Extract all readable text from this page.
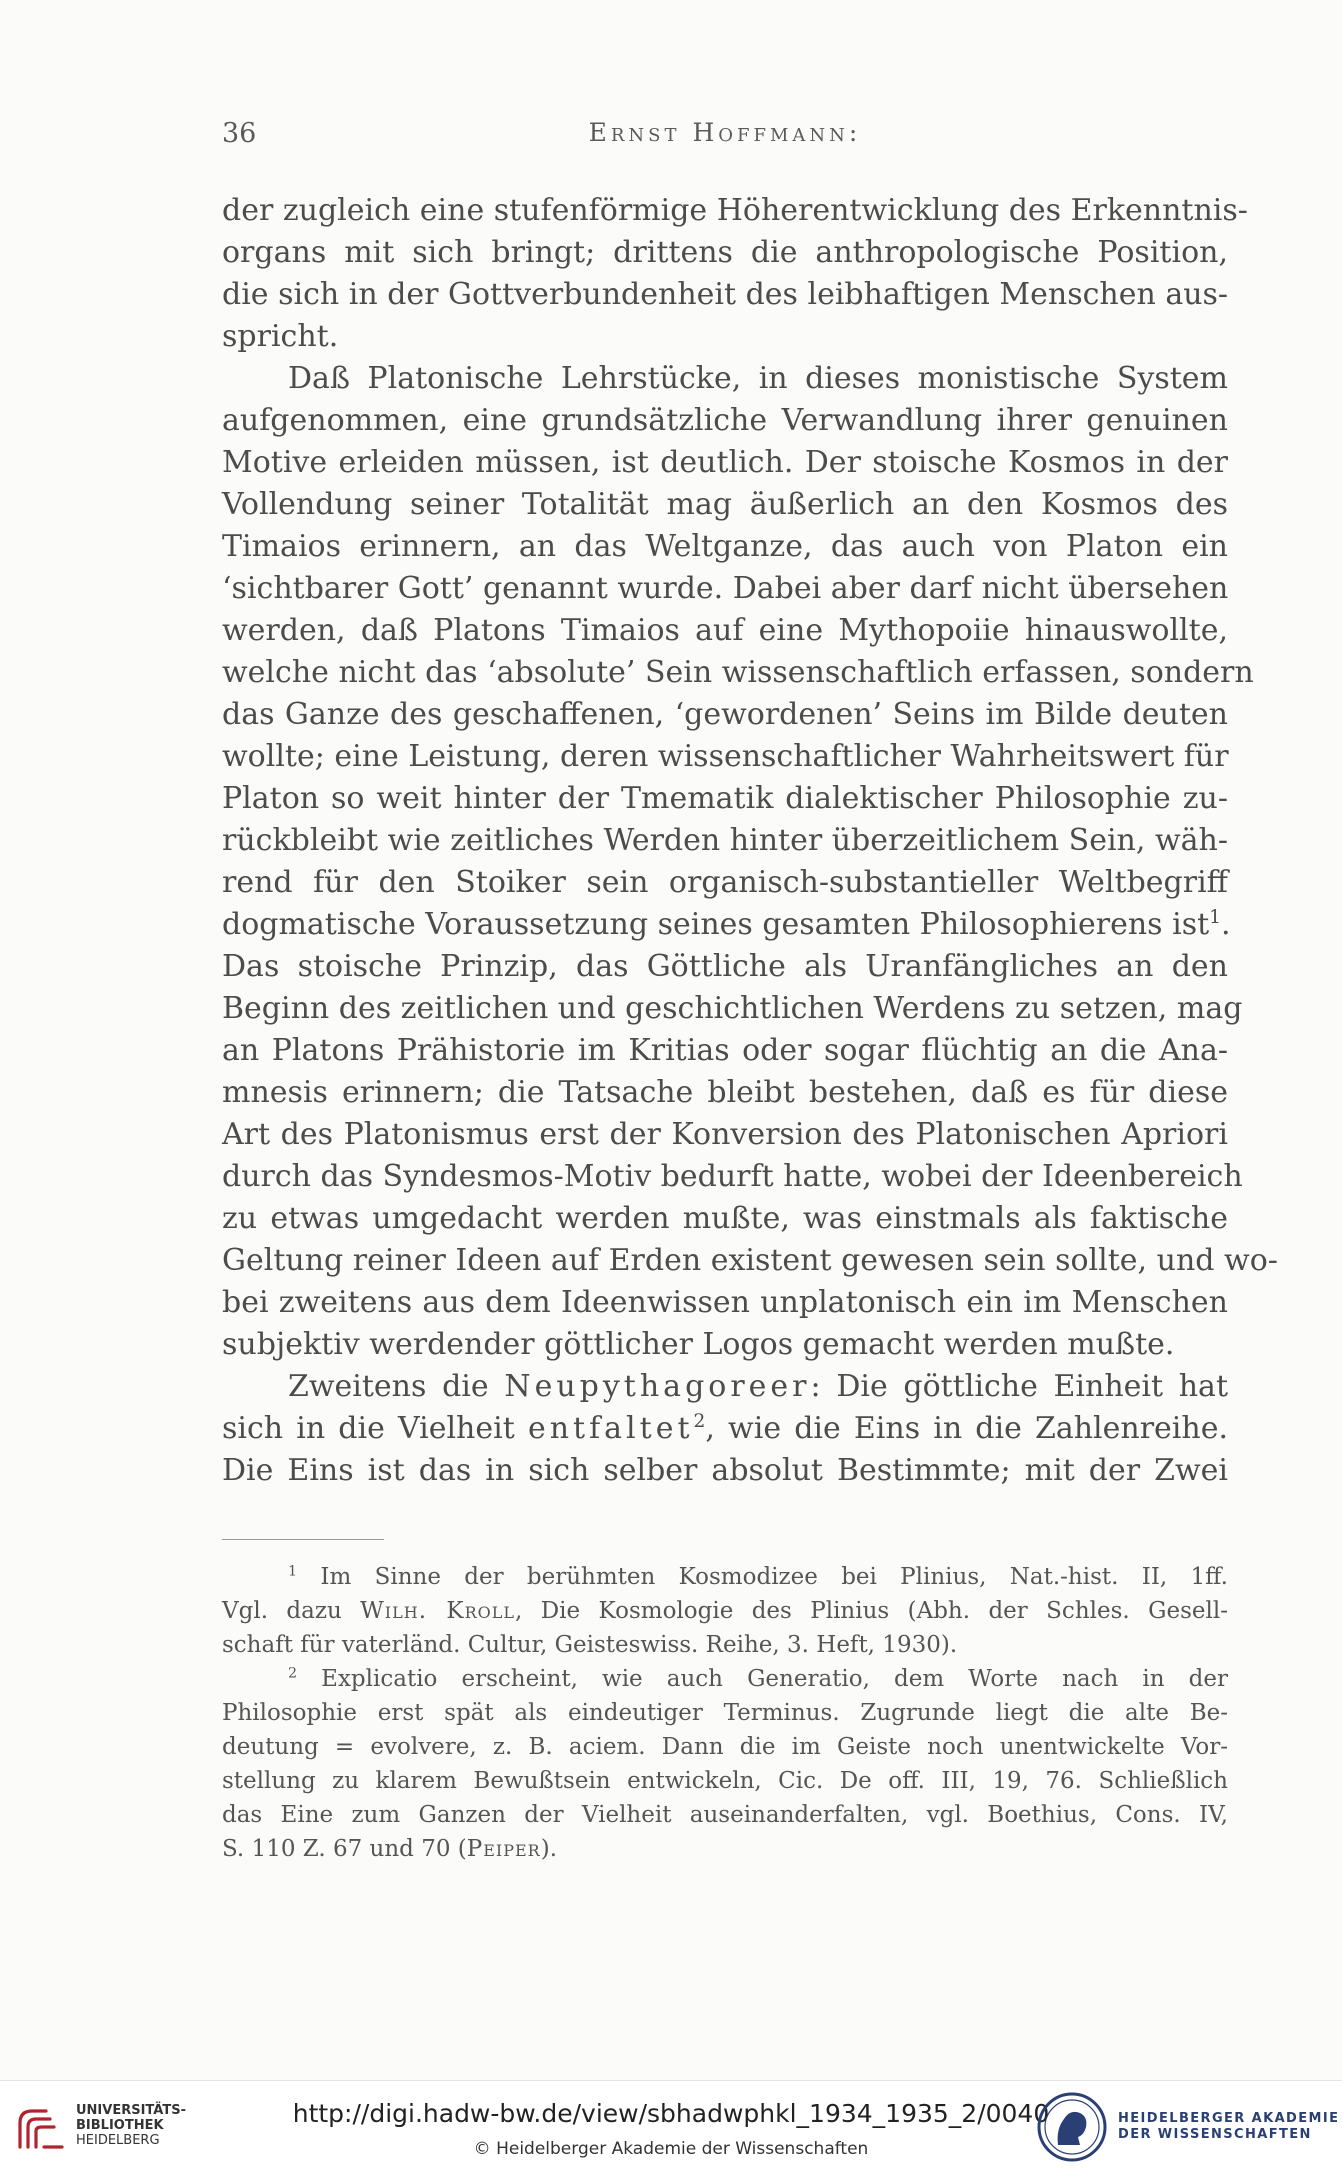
36	Ernst Hoffmann:
der zugleich eine stufenförmige Höherentwicklung des Erkenntnis-
organs mit sich bringt; drittens die anthropologische Position,
die sich in der Gottverbundenheit des leibhaftigen Menschen aus-
spricht.
Daß Platonische Lehrstücke, in dieses monistische System
aufgenommen, eine grundsätzliche Verwandlung ihrer genuinen
Motive erleiden müssen, ist deutlich. Der stoische Kosmos in der
Vollendung seiner Totalität mag äußerlich an den Kosmos des
Timaios erinnern, an das Weltganze, das auch von Platon ein
‘sichtbarer Gott’ genannt wurde. Dabei aber darf nicht übersehen
werden, daß Platons Timaios auf eine Mythopoiie hinauswollte,
welche nicht das ‘absolute’ Sein wissenschaftlich erfassen, sondern
das Ganze des geschaffenen, ‘gewordenen’ Seins im Bilde deuten
wollte; eine Leistung, deren wissenschaftlicher Wahrheitswert für
Platon so weit hinter der Tmematik dialektischer Philosophie zu-
rückbleibt wie zeitliches Werden hinter überzeitlichem Sein, wäh-
rend für den Stoiker sein organisch-substantieller Weltbegriff
dogmatische Voraussetzung seines gesamten Philosophierens ist$^1$.
Das stoische Prinzip, das Göttliche als Uranfängliches an den
Beginn des zeitlichen und geschichtlichen Werdens zu setzen, mag
an Platons Prähistorie im Kritias oder sogar flüchtig an die Ana-
mnesis erinnern; die Tatsache bleibt bestehen, daß es für diese
Art des Platonismus erst der Konversion des Platonischen Apriori
durch das Syndesmos-Motiv bedurft hatte, wobei der Ideenbereich
zu etwas umgedacht werden mußte, was einstmals als faktische
Geltung reiner Ideen auf Erden existent gewesen sein sollte, und wo-
bei zweitens aus dem Ideenwissen unplatonisch ein im Menschen
subjektiv werdender göttlicher Logos gemacht werden mußte.
Zweitens die Neupythagoreer: Die göttliche Einheit hat
sich in die Vielheit entfaltet$^2$, wie die Eins in die Zahlenreihe.
Die Eins ist das in sich selber absolut Bestimmte; mit der Zwei
$^1$ Im Sinne der berühmten Kosmodizee bei Plinius, Nat.-hist. II, 1ff.
Vgl. dazu Wilh. Kroll, Die Kosmologie des Plinius (Abh. der Schles. Gesell-
schaft für vaterländ. Cultur, Geisteswiss. Reihe, 3. Heft, 1930).
$^2$ Explicatio erscheint, wie auch Generatio, dem Worte nach in der
Philosophie erst spät als eindeutiger Terminus. Zugrunde liegt die alte Be-
deutung = evolvere, z. B. aciem. Dann die im Geiste noch unentwickelte Vor-
stellung zu klarem Bewußtsein entwickeln, Cic. De off. III, 19, 76. Schließlich
das Eine zum Ganzen der Vielheit auseinanderfalten, vgl. Boethius, Cons. IV,
S. 110 Z. 67 und 70 (Peiper).
UNIVERSITÄTS-
BIBLIOTHEK
HEIDELBERG
http://digi.hadw-bw.de/view/sbhadwphkl_1934_1935_2/0040
© Heidelberger Akademie der Wissenschaften
HEIDELBERGER AKADEMIE
DER WISSENSCHAFTEN
